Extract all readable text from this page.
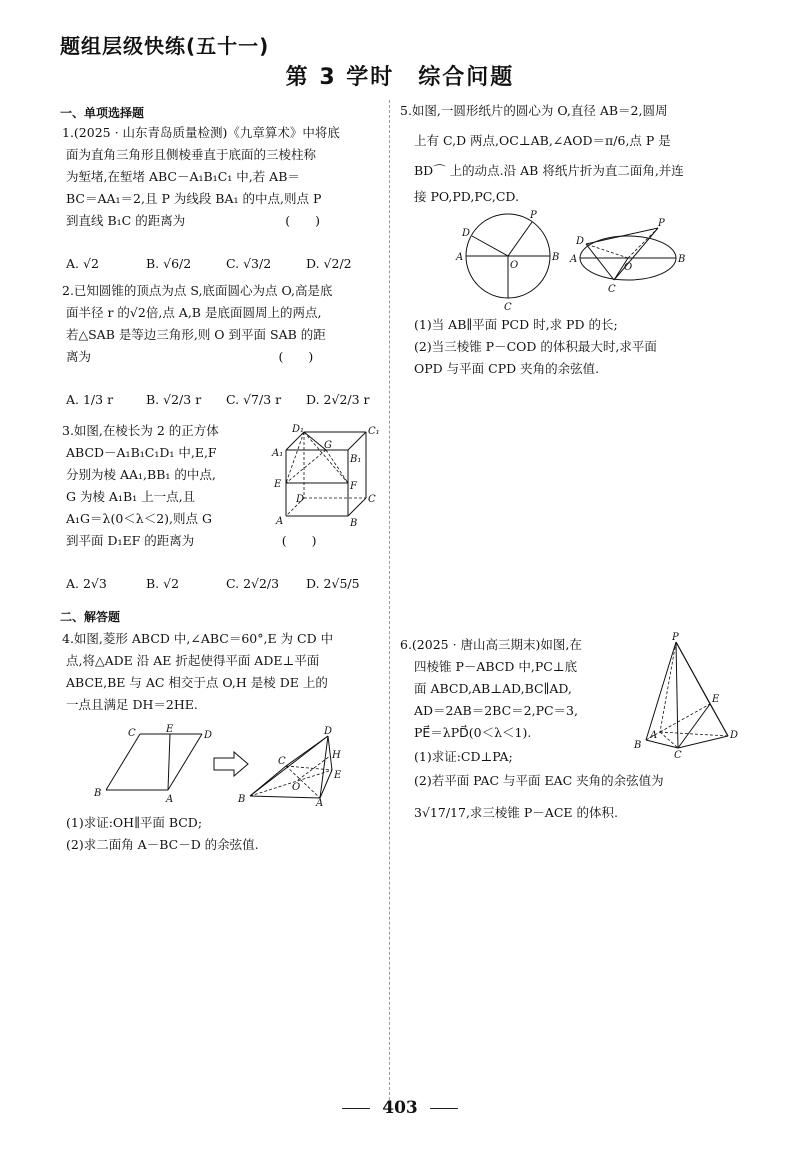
题组层级快练(五十一)
第 3 学时　综合问题
一、单项选择题
1.(2025 · 山东青岛质量检测)《九章算术》中将底
面为直角三角形且侧棱垂直于底面的三棱柱称
为堑堵,在堑堵 ABC－A₁B₁C₁ 中,若 AB＝
BC＝AA₁＝2,且 P 为线段 BA₁ 的中点,则点 P
到直线 B₁C 的距离为　　　　　　　　(　　)
A. √2	B. √6/2	C. √3/2	D. √2/2
2.已知圆锥的顶点为点 S,底面圆心为点 O,高是底
面半径 r 的√2倍,点 A,B 是底面圆周上的两点,
若△SAB 是等边三角形,则 O 到平面 SAB 的距
离为　　　　　　　　　　　　　　　(　　)
A. 1/3 r	B. √2/3 r C. √7/3 r D. 2√2/3 r
3.如图,在棱长为 2 的正方体
ABCD－A₁B₁C₁D₁ 中,E,F
分别为棱 AA₁,BB₁ 的中点,
G 为棱 A₁B₁ 上一点,且
A₁G＝λ(0＜λ＜2),则点 G
到平面 D₁EF 的距离为　　　　　　　(　　)
A. 2√3	B. √2	C. 2√2/3 D. 2√5/5
D₁	C₁
A₁
G
B₁
E
D
F
C
A	B
二、解答题
4.如图,菱形 ABCD 中,∠ABC＝60°,E 为 CD 中
点,将△ADE 沿 AE 折起使得平面 ADE⊥平面
ABCE,BE 与 AC 相交于点 O,H 是棱 DE 上的
一点且满足 DH＝2HE.
C	E
D
B
A
D
H
C
E
O
B	A
(1)求证:OH∥平面 BCD;
(2)求二面角 A－BC－D 的余弦值.
5.如图,一圆形纸片的圆心为 O,直径 AB＝2,圆周
上有 C,D 两点,OC⊥AB,∠AOD＝π/6,点 P 是
BD⌒ 上的动点.沿 AB 将纸片折为直二面角,并连
接 PO,PD,PC,CD.
P
D
A
O
B
C
P
D
A
O
B
C
(1)当 AB∥平面 PCD 时,求 PD 的长;
(2)当三棱锥 P－COD 的体积最大时,求平面
OPD 与平面 CPD 夹角的余弦值.
6.(2025 · 唐山高三期末)如图,在
四棱锥 P－ABCD 中,PC⊥底
面 ABCD,AB⊥AD,BC∥AD,
AD＝2AB＝2BC＝2,PC＝3,
PE⃗＝λPD⃗(0＜λ＜1).
(1)求证:CD⊥PA;
(2)若平面 PAC 与平面 EAC 夹角的余弦值为
3√17/17,求三棱锥 P－ACE 的体积.
P
E
B
A
C
D
403
